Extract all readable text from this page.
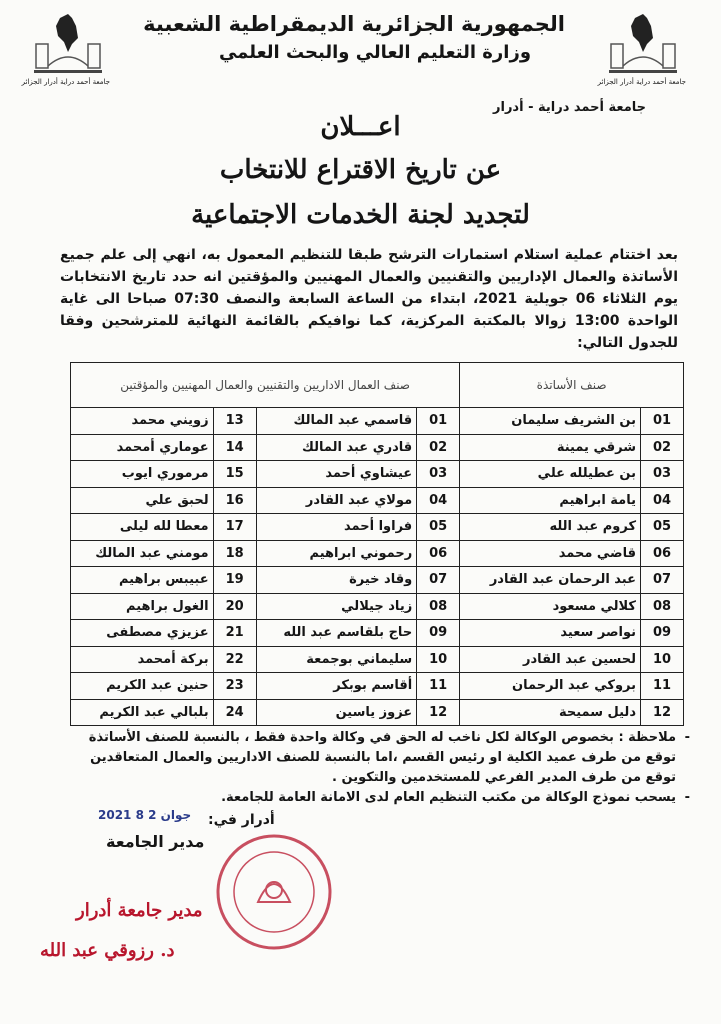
جامعة أحمد دراية أدرار الجزائر	جامعة أحمد دراية أدرار الجزائر
الجمهورية الجزائرية الديمقراطية الشعبية
وزارة التعليم العالي والبحث العلمي
جامعة أحمد دراية - أدرار
اعـــلان
عن تاريخ الاقتراع للانتخاب
لتجديد لجنة الخدمات الاجتماعية
بعد اختتام عملية استلام استمارات الترشح طبقا للتنظيم المعمول به، انهي إلى علم جميع الأساتذة والعمال الإداريين والتقنيين والعمال المهنيين والمؤقتين انه حدد تاريخ الانتخابات يوم الثلاثاء 06 جويلية 2021، ابتداء من الساعة السابعة والنصف 07:30 صباحا الى غاية الواحدة 13:00 زوالا بالمكتبة المركزية، كما نوافيكم بالقائمة النهائية للمترشحين وفقا للجدول التالي:
صنف الأساتذة		صنف العمال الاداريين والتقنيين والعمال المهنيين والمؤقتين			
01	بن الشريف سليمان	01	قاسمي عبد المالك	13	زويني محمد
02	شرقي يمينة	02	قادري عبد المالك	14	عوماري أمحمد
03	بن عطيلله علي	03	عيشاوي أحمد	15	مرموري ايوب
04	يامة ابراهيم	04	مولاي عبد القادر	16	لحبق علي
05	كروم عبد الله	05	فراوا أحمد	17	معطا لله ليلى
06	قاضي محمد	06	رحموني ابراهيم	18	مومني عبد المالك
07	عبد الرحمان عبد القادر	07	وقاد خيرة	19	عبيبس براهيم
08	كلالي مسعود	08	زياد جيلالي	20	الغول براهيم
09	نواصر سعيد	09	حاج بلقاسم عبد الله	21	عزيزي مصطفى
10	لحسين عبد القادر	10	سليماني بوجمعة	22	بركة أمحمد
11	بروكي عبد الرحمان	11	أقاسم بوبكر	23	حنين عبد الكريم
12	دليل سميحة	12	عزوز ياسين	24	بلبالي عبد الكريم
-
ملاحظة : بخصوص الوكالة لكل ناخب له الحق في وكالة واحدة فقط ، بالنسبة للصنف الأساتذة توقع من طرف عميد الكلية او رئيس القسم ،اما بالنسبة للصنف الاداريين والعمال المتعاقدين توقع من طرف المدير الفرعي للمستخدمين والتكوين .
-
يسحب نموذج الوكالة من مكتب التنظيم العام لدى الامانة العامة للجامعة.
2021 جوان 2 8 أدرار في:
مدير الجامعة
مدير جامعة أدرار
د. رزوقي عبد الله
